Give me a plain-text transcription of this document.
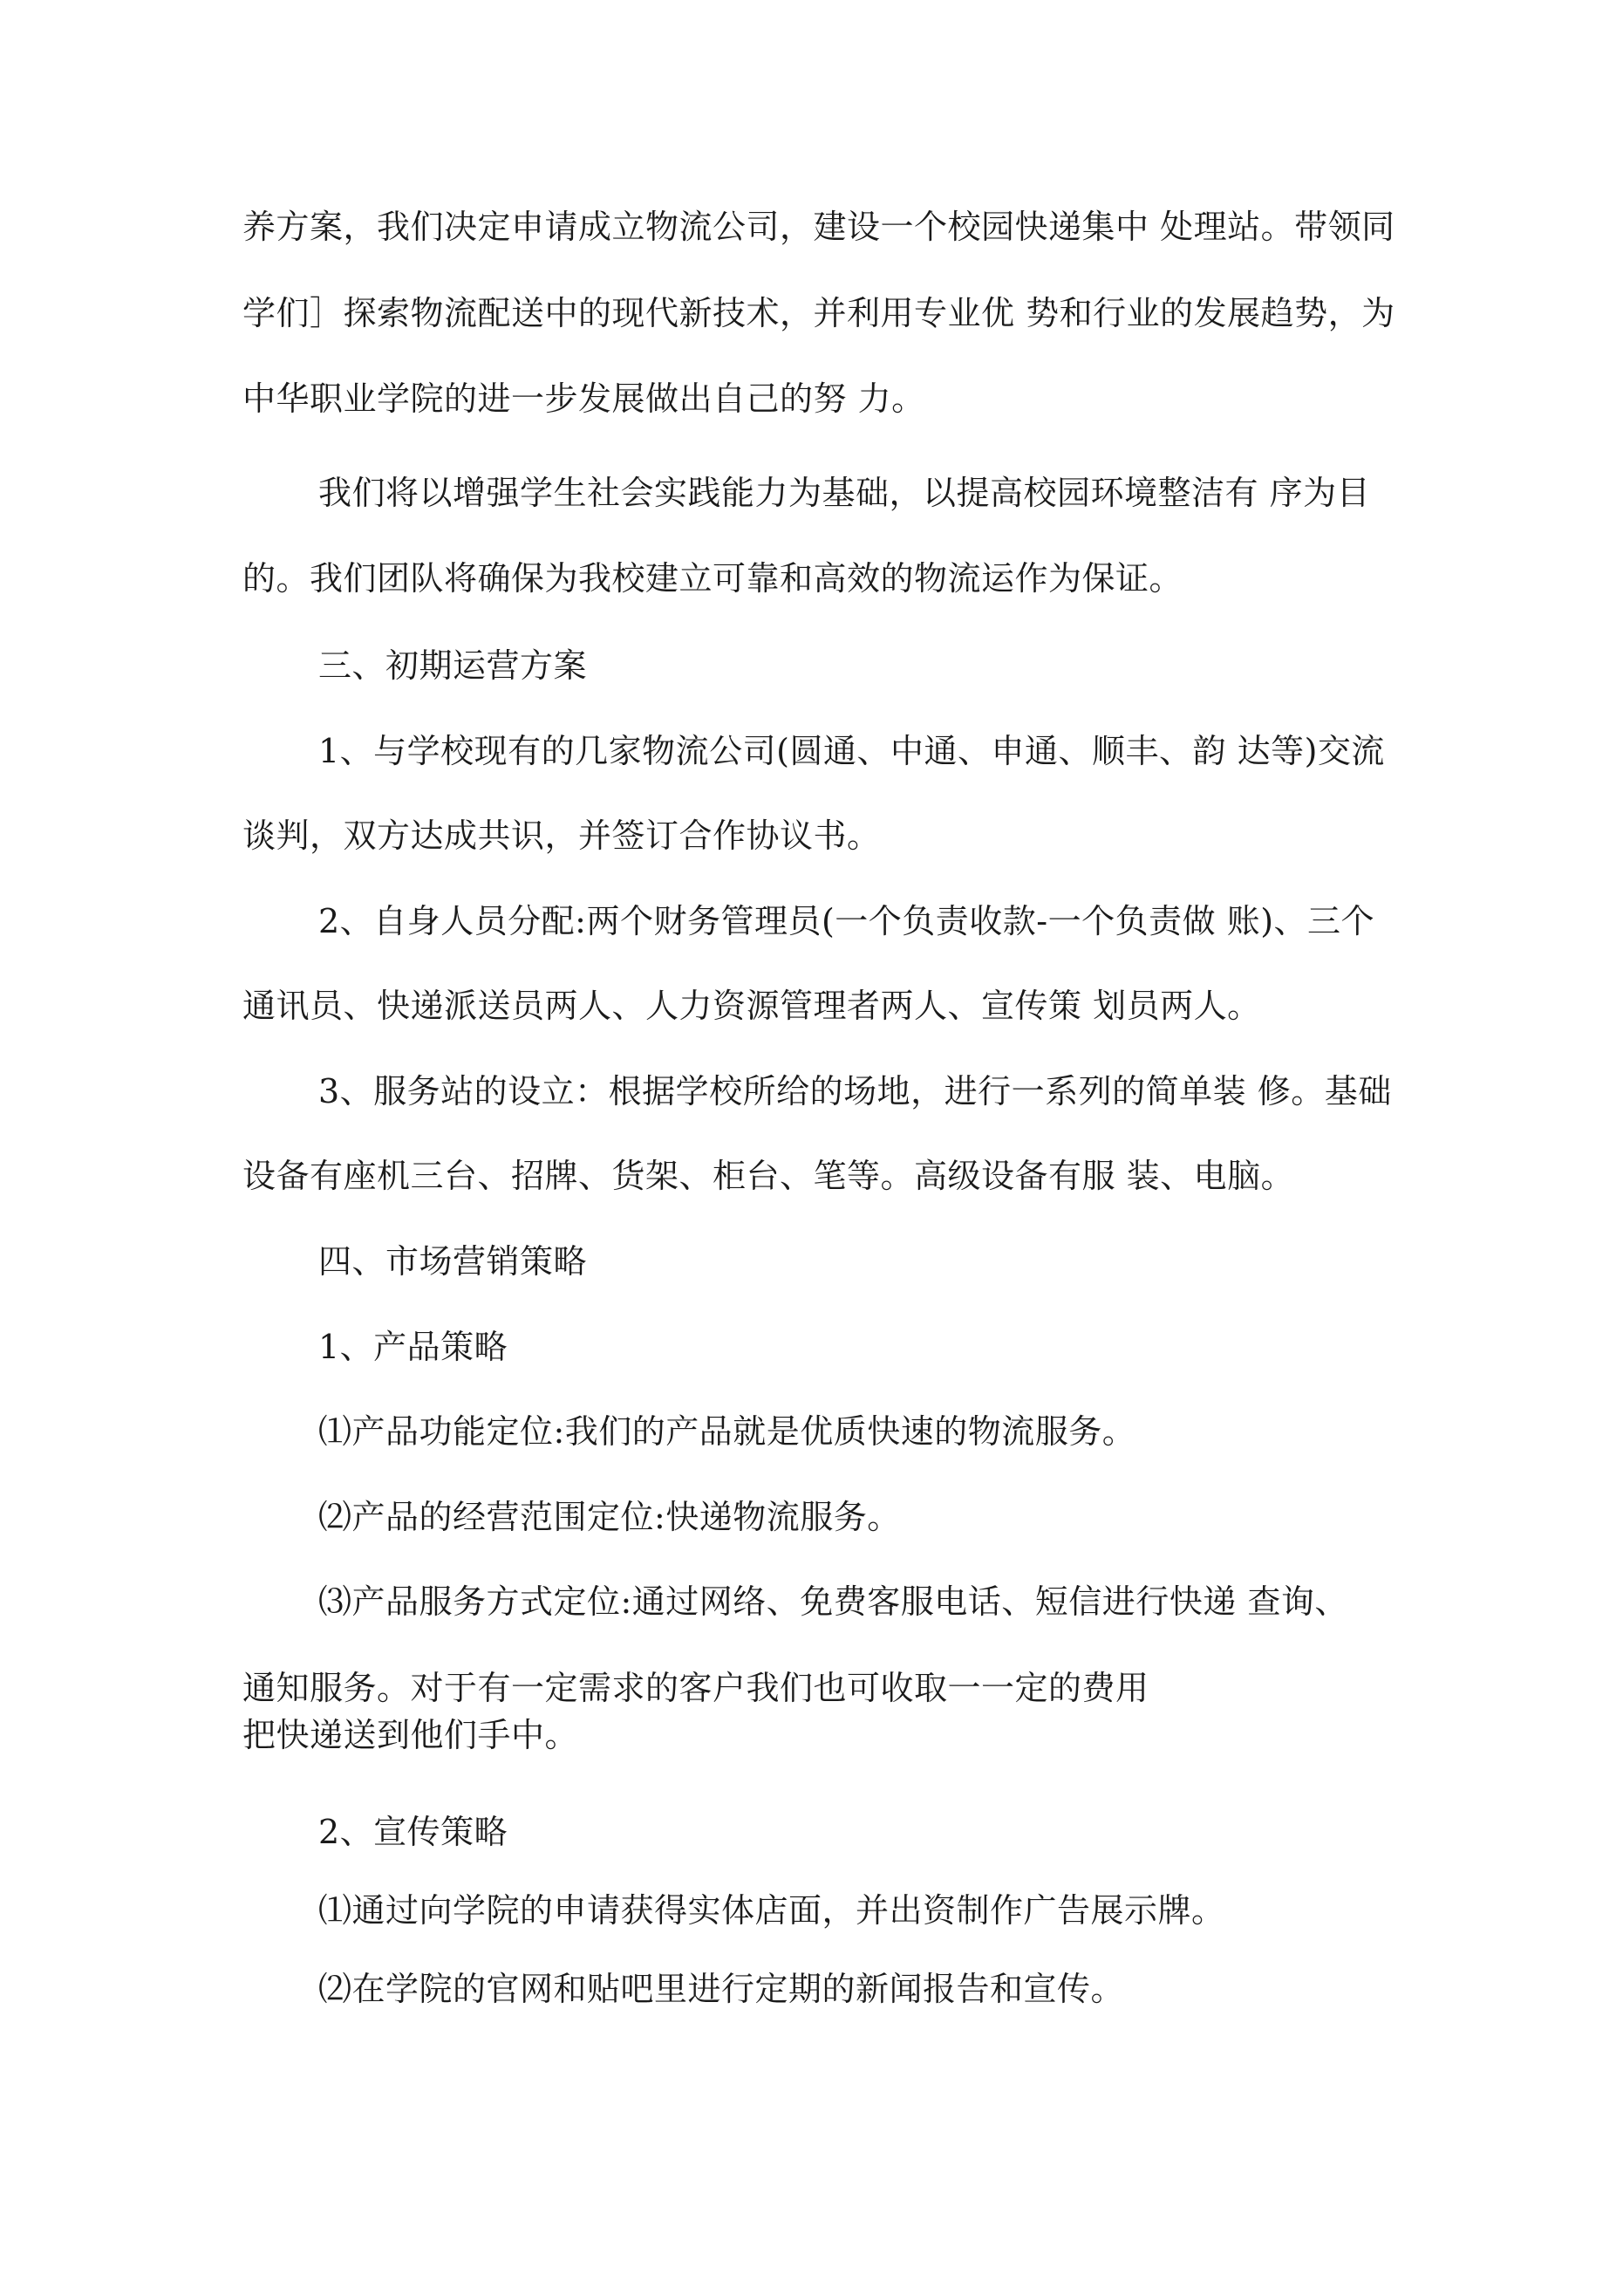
养方案，我们决定申请成立物流公司，建设一个校园快递集中 处理站。带领同
学们］探索物流配送中的现代新技术，并利用专业优 势和行业的发展趋势，为
中华职业学院的进一步发展做出自己的努 力。
我们将以增强学生社会实践能力为基础，以提高校园环境整洁有 序为目
的。我们团队将确保为我校建立可靠和高效的物流运作为保证。
三、初期运营方案
1、与学校现有的几家物流公司(圆通、中通、申通、顺丰、韵 达等)交流
谈判，双方达成共识，并签订合作协议书。
2、自身人员分配:两个财务管理员(一个负责收款-一个负责做 账)、三个
通讯员、快递派送员两人、人力资源管理者两人、宣传策 划员两人。
3、服务站的设立：根据学校所给的场地，进行一系列的简单装 修。基础
设备有座机三台、招牌、货架、柜台、笔等。高级设备有服 装、电脑。
四、市场营销策略
1、产品策略
⑴产品功能定位:我们的产品就是优质快速的物流服务。
⑵产品的经营范围定位:快递物流服务。
⑶产品服务方式定位:通过网络、免费客服电话、短信进行快递 查询、
通知服务。对于有一定需求的客户我们也可收取一一定的费用
把快递送到他们手中。
2、宣传策略
⑴通过向学院的申请获得实体店面，并出资制作广告展示牌。
⑵在学院的官网和贴吧里进行定期的新闻报告和宣传。
